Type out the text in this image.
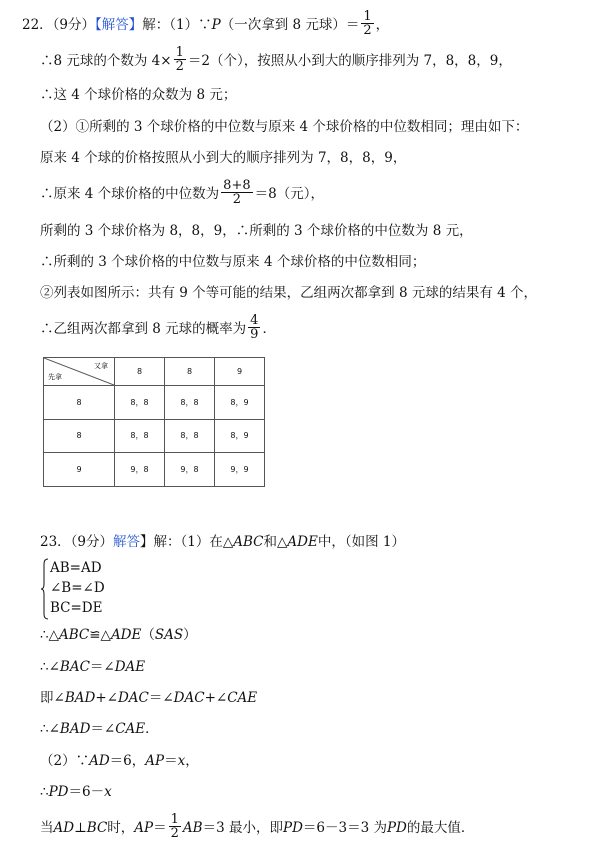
22．（9分）【解答】解：（1）∵P（一次拿到 8 元球）＝ $\frac{1}{2}$ ，
∴8 元球的个数为 $4\times \frac{1}{2} =2$（个），按照从小到大的顺序排列为 7，8，8，9，
∴这 4 个球价格的众数为 8 元；
（2）①所剩的 3 个球价格的中位数与原来 4 个球价格的中位数相同；理由如下：
原来 4 个球的价格按照从小到大的顺序排列为 7，8，8，9，
∴原来 4 个球价格的中位数为 $\frac{8+8}{2} =8$（元），
所剩的 3 个球价格为 8，8，9，∴所剩的 3 个球价格的中位数为 8 元，
∴所剩的 3 个球价格的中位数与原来 4 个球价格的中位数相同；
②列表如图所示：共有 9 个等可能的结果，乙组两次都拿到 8 元球的结果有 4 个，
∴乙组两次都拿到 8 元球的概率为 $\frac{4}{9}$ ．
又拿
先拿	8	8	9
8	8，8	8，8	8，9
8	8，8	8，8	8，9
9	9，8	9，8	9，9
23．（9分）解答】解：（1）在△ABC和△ADE中，（如图 1）
AB=AD
∠B=∠D
BC=DE
∴△ABC≌△ADE（SAS）
∴∠BAC＝∠DAE
即∠BAD+∠DAC＝∠DAC+∠CAE
∴∠BAD＝∠CAE．
（2）∵AD＝6，AP＝x，
∴PD＝6－x
当AD⊥BC时，$AP= \frac{1}{2} AB=3$ 最小，即PD＝6－3＝3 为PD的最大值．
